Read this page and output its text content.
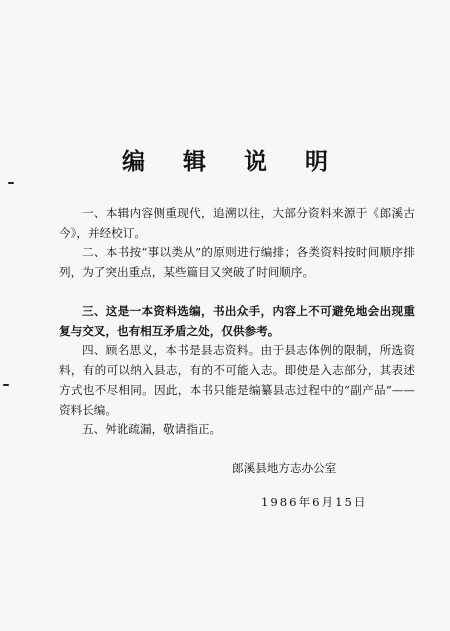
编 辑 说 明

一、本辑内容侧重现代，追溯以往，大部分资料来源于《郎溪古今》，并经校订。

二、本书按“事以类从”的原则进行编排；各类资料按时间顺序排列，为了突出重点，某些篇目又突破了时间顺序。

三、这是一本资料选编，书出众手，内容上不可避免地会出现重复与交叉，也有相互矛盾之处，仅供参考。

四、顾名思义，本书是县志资料。由于县志体例的限制，所选资料，有的可以纳入县志，有的不可能入志。即使是入志部分，其表述方式也不尽相同。因此，本书只能是编纂县志过程中的“副产品”——资料长编。

五、舛讹疏漏，敬请指正。

郎溪县地方志办公室
1986年6月15日
